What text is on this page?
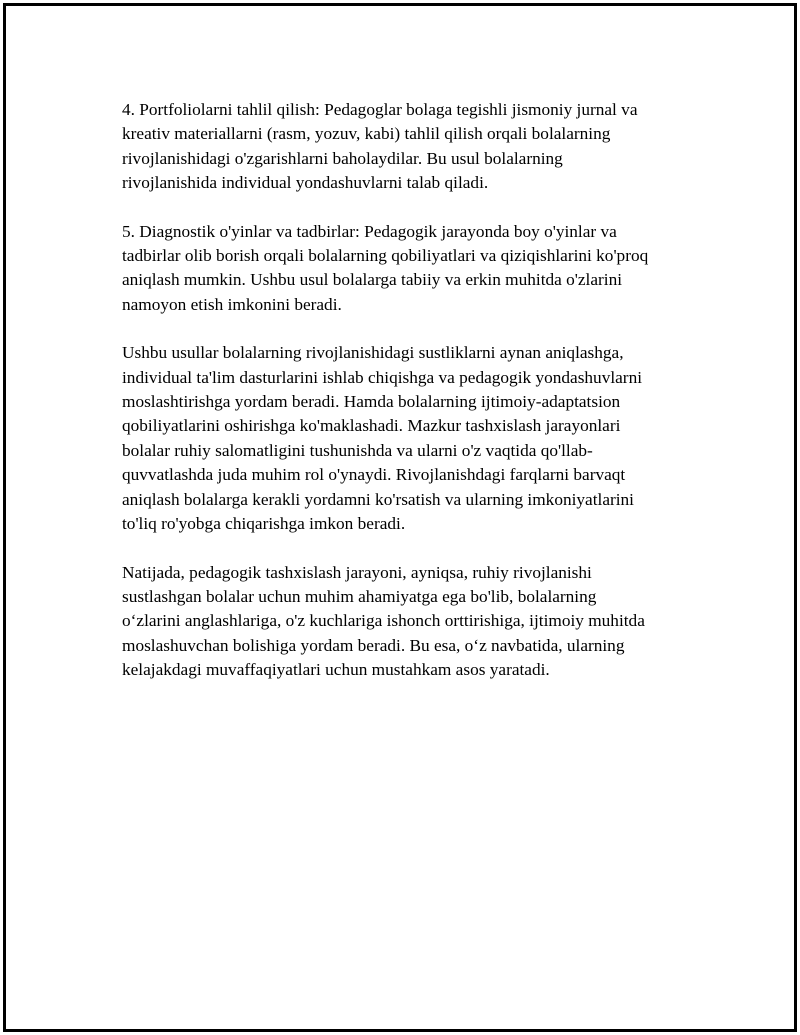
4. Portfoliolarni tahlil qilish: Pedagoglar bolaga tegishli jismoniy jurnal va
kreativ materiallarni (rasm, yozuv, kabi) tahlil qilish orqali bolalarning
rivojlanishidagi o'zgarishlarni baholaydilar. Bu usul bolalarning
rivojlanishida individual yondashuvlarni talab qiladi.

5. Diagnostik o'yinlar va tadbirlar: Pedagogik jarayonda boy o'yinlar va
tadbirlar olib borish orqali bolalarning qobiliyatlari va qiziqishlarini ko'proq
aniqlash mumkin. Ushbu usul bolalarga tabiiy va erkin muhitda o'zlarini
namoyon etish imkonini beradi.

Ushbu usullar bolalarning rivojlanishidagi sustliklarni aynan aniqlashga,
individual ta'lim dasturlarini ishlab chiqishga va pedagogik yondashuvlarni
moslashtirishga yordam beradi. Hamda bolalarning ijtimoiy-adaptatsion
qobiliyatlarini oshirishga ko'maklashadi. Mazkur tashxislash jarayonlari
bolalar ruhiy salomatligini tushunishda va ularni o'z vaqtida qo'llab-
quvvatlashda juda muhim rol o'ynaydi. Rivojlanishdagi farqlarni barvaqt
aniqlash bolalarga kerakli yordamni ko'rsatish va ularning imkoniyatlarini
to'liq ro'yobga chiqarishga imkon beradi.

Natijada, pedagogik tashxislash jarayoni, ayniqsa, ruhiy rivojlanishi
sustlashgan bolalar uchun muhim ahamiyatga ega bo'lib, bolalarning
o‘zlarini anglashlariga, o'z kuchlariga ishonch orttirishiga, ijtimoiy muhitda
moslashuvchan bolishiga yordam beradi. Bu esa, o‘z navbatida, ularning
kelajakdagi muvaffaqiyatlari uchun mustahkam asos yaratadi.
